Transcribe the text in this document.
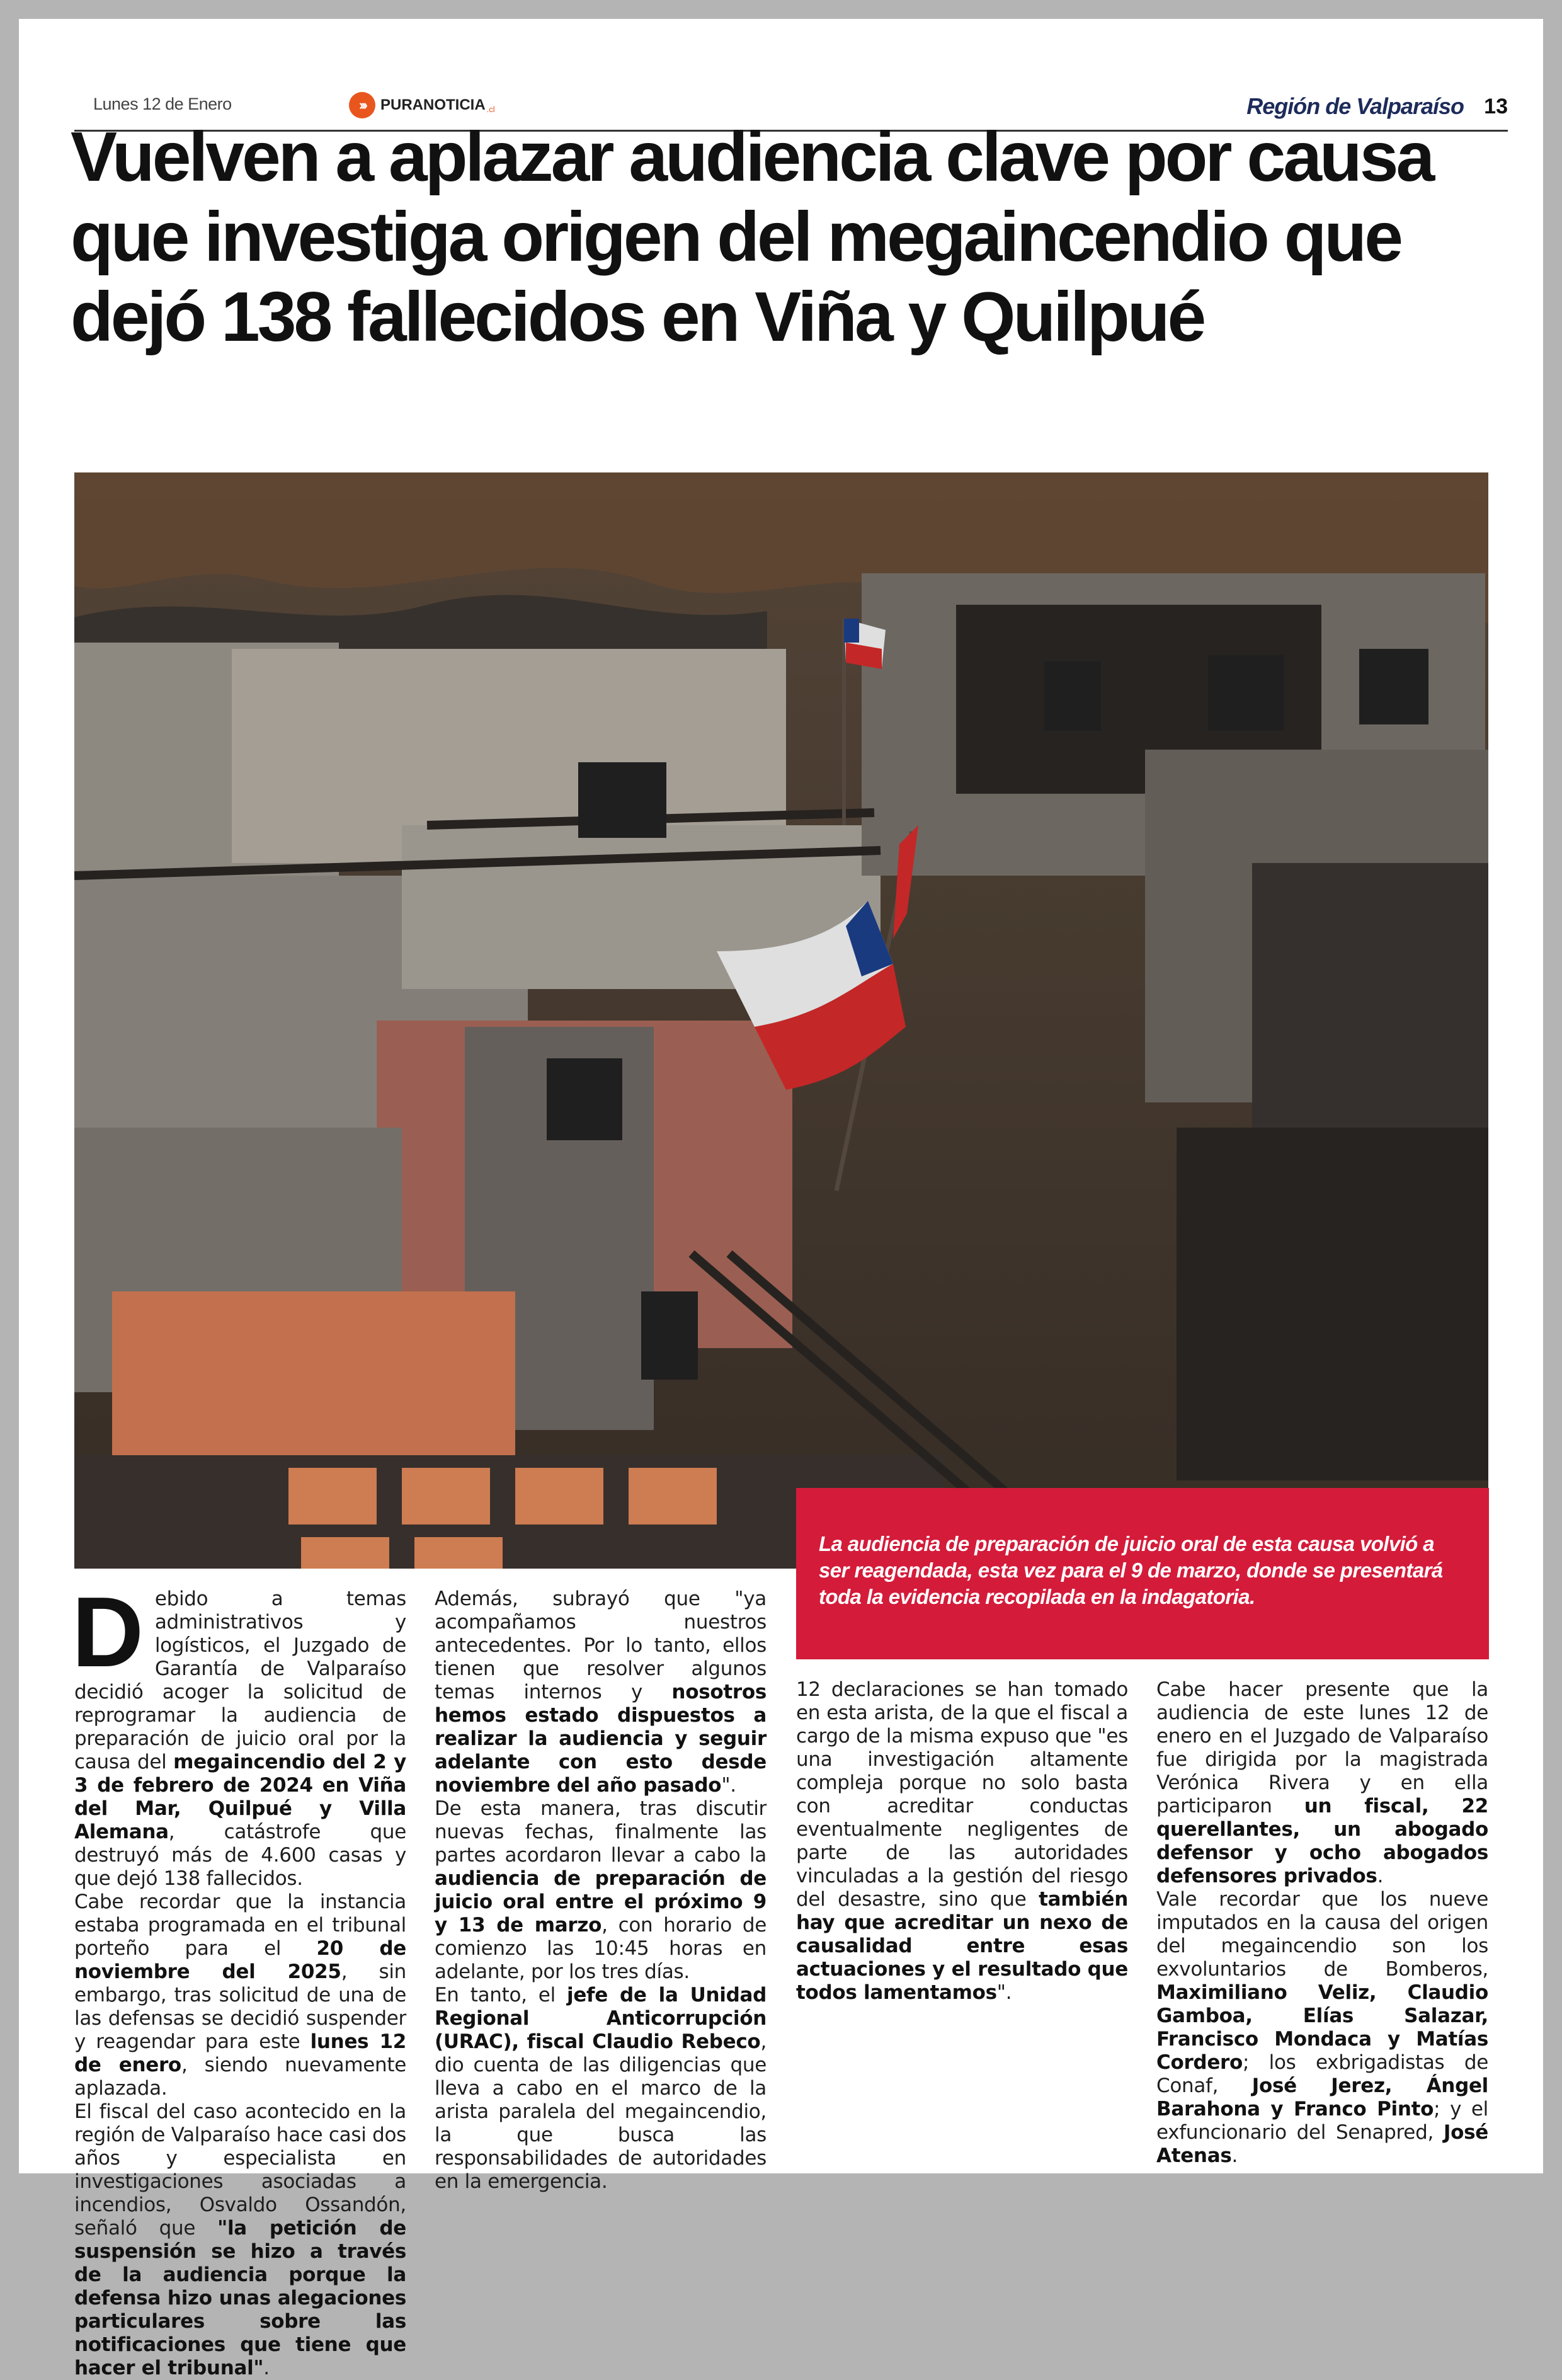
Lunes 12 de Enero	›››	PURANOTICIA .cl	Región de Valparaíso 13
Vuelven a aplazar audiencia clave por causa que investiga origen del megaincendio que dejó 138 fallecidos en Viña y Quilpué
La audiencia de preparación de juicio oral de esta causa volvió a ser reagendada, esta vez para el 9 de marzo, donde se presentará toda la evidencia recopilada en la indagatoria.
D ebido a temas administrativos y logísticos, el Juzgado de Garantía de Valparaíso decidió acoger la solicitud de reprogramar la audiencia de preparación de juicio oral por la causa del megaincendio del 2 y 3 de febrero de 2024 en Viña del Mar, Quilpué y Villa Alemana, catástrofe que destruyó más de 4.600 casas y que dejó 138 fallecidos.

Cabe recordar que la instancia estaba programada en el tribunal porteño para el 20 de noviembre del 2025, sin embargo, tras solicitud de una de las defensas se decidió suspender y reagendar para este lunes 12 de enero, siendo nuevamente aplazada.

El fiscal del caso acontecido en la región de Valparaíso hace casi dos años y especialista en investigaciones asociadas a incendios, Osvaldo Ossandón, señaló que "la petición de suspensión se hizo a través de la audiencia porque la defensa hizo unas alegaciones particulares sobre las notificaciones que tiene que hacer el tribunal".

Además, subrayó que "ya acompañamos nuestros antecedentes. Por lo tanto, ellos tienen que resolver algunos temas internos y nosotros hemos estado dispuestos a realizar la audiencia y seguir adelante con esto desde noviembre del año pasado".

De esta manera, tras discutir nuevas fechas, finalmente las partes acordaron llevar a cabo la audiencia de preparación de juicio oral entre el próximo 9 y 13 de marzo, con horario de comienzo las 10:45 horas en adelante, por los tres días.

En tanto, el jefe de la Unidad Regional Anticorrupción (URAC), fiscal Claudio Rebeco, dio cuenta de las diligencias que lleva a cabo en el marco de la arista paralela del megaincendio, la que busca las responsabilidades de autoridades en la emergencia.

12 declaraciones se han tomado en esta arista, de la que el fiscal a cargo de la misma expuso que "es una investigación altamente compleja porque no solo basta con acreditar conductas eventualmente negligentes de parte de las autoridades vinculadas a la gestión del riesgo del desastre, sino que también hay que acreditar un nexo de causalidad entre esas actuaciones y el resultado que todos lamentamos".

Cabe hacer presente que la audiencia de este lunes 12 de enero en el Juzgado de Valparaíso fue dirigida por la magistrada Verónica Rivera y en ella participaron un fiscal, 22 querellantes, un abogado defensor y ocho abogados defensores privados.

Vale recordar que los nueve imputados en la causa del origen del megaincendio son los exvoluntarios de Bomberos, Maximiliano Veliz, Claudio Gamboa, Elías Salazar, Francisco Mondaca y Matías Cordero; los exbrigadistas de Conaf, José Jerez, Ángel Barahona y Franco Pinto; y el exfuncionario del Senapred, José Atenas.
